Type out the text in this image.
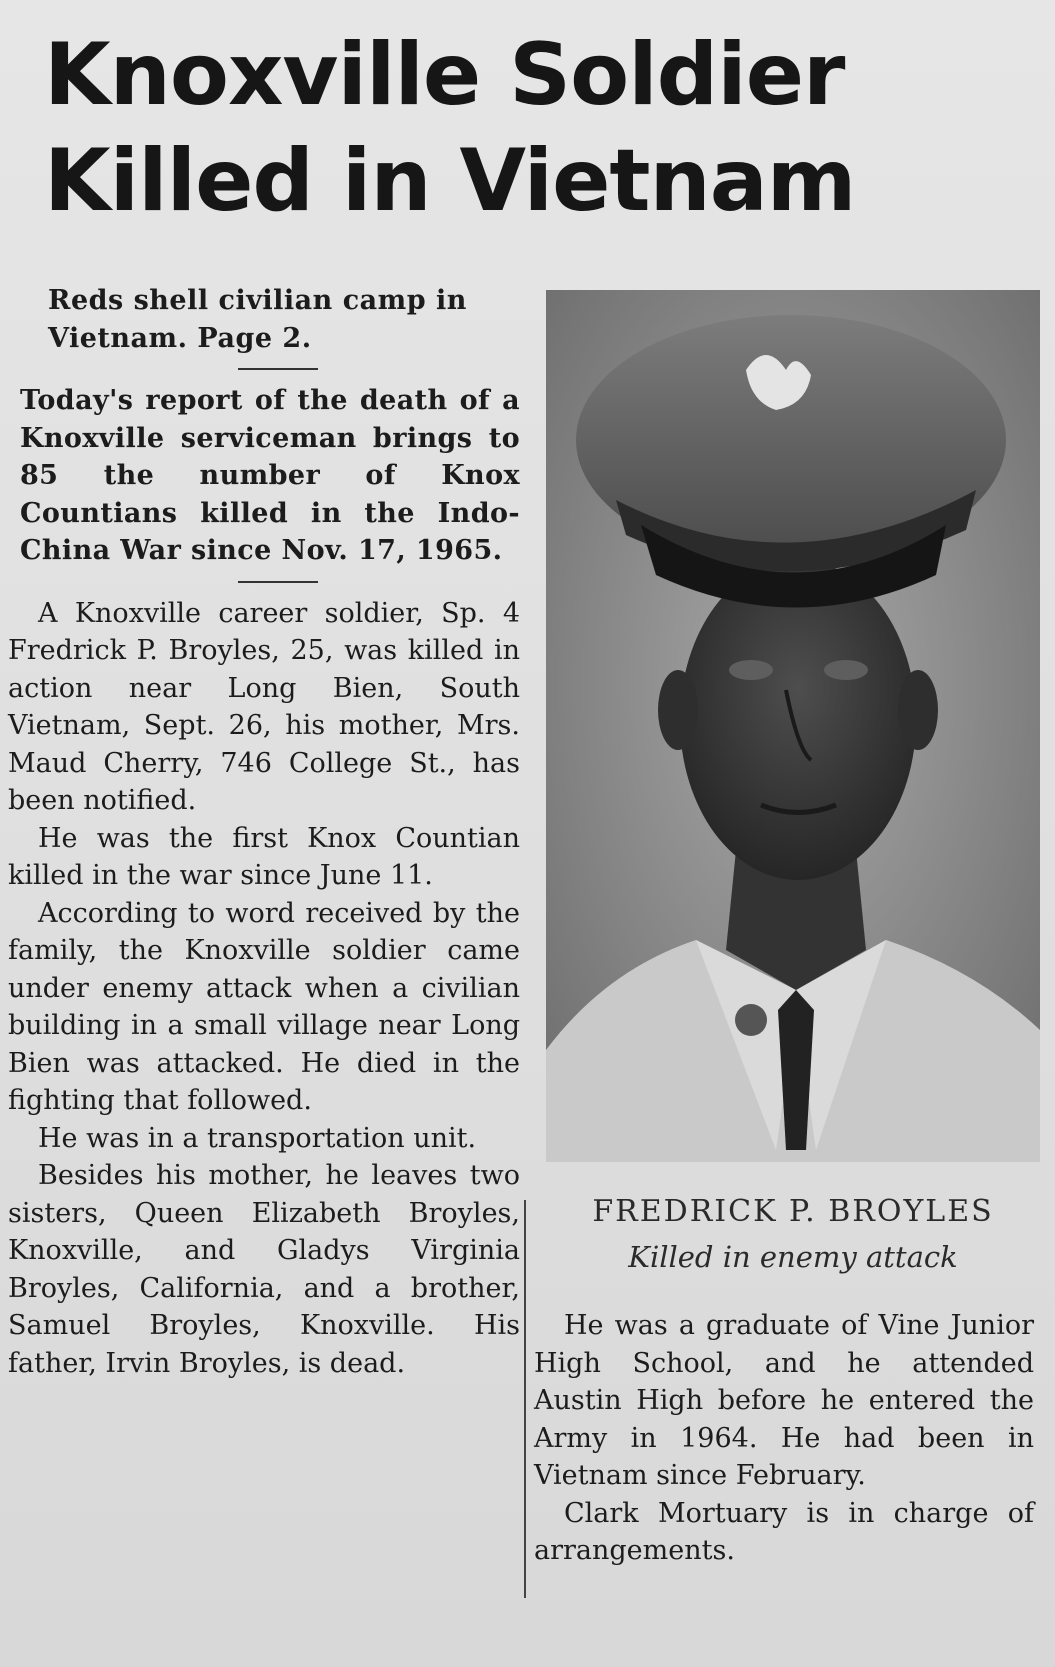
Knoxville Soldier Killed in Vietnam

Reds shell civilian camp in Vietnam. Page 2.

Today's report of the death of a Knoxville serviceman brings to 85 the number of Knox Countians killed in the Indo-China War since Nov. 17, 1965.

A Knoxville career soldier, Sp. 4 Fredrick P. Broyles, 25, was killed in action near Long Bien, South Vietnam, Sept. 26, his mother, Mrs. Maud Cherry, 746 College St., has been notified.

He was the first Knox Countian killed in the war since June 11.

According to word received by the family, the Knoxville soldier came under enemy attack when a civilian building in a small village near Long Bien was attacked. He died in the fighting that followed.

He was in a transportation unit.

Besides his mother, he leaves two sisters, Queen Elizabeth Broyles, Knoxville, and Gladys Virginia Broyles, California, and a brother, Samuel Broyles, Knoxville. His father, Irvin Broyles, is dead.

FREDRICK P. BROYLES
Killed in enemy attack

He was a graduate of Vine Junior High School, and he attended Austin High before he entered the Army in 1964. He had been in Vietnam since February.

Clark Mortuary is in charge of arrangements.
